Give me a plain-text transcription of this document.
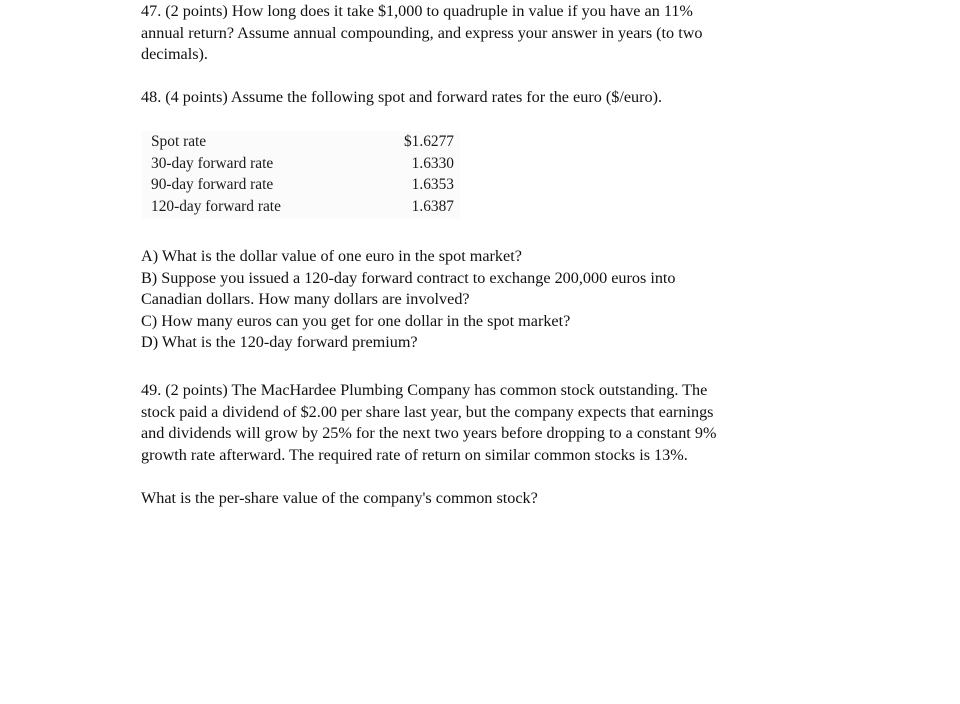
47. (2 points) How long does it take $1,000 to quadruple in value if you have an 11%
annual return? Assume annual compounding, and express your answer in years (to two
decimals).
48. (4 points) Assume the following spot and forward rates for the euro ($/euro).
Spot rate	$1.6277
30-day forward rate	1.6330
90-day forward rate	1.6353
120-day forward rate	1.6387
A) What is the dollar value of one euro in the spot market?
B) Suppose you issued a 120-day forward contract to exchange 200,000 euros into
Canadian dollars. How many dollars are involved?
C) How many euros can you get for one dollar in the spot market?
D) What is the 120-day forward premium?
49. (2 points) The MacHardee Plumbing Company has common stock outstanding. The
stock paid a dividend of $2.00 per share last year, but the company expects that earnings
and dividends will grow by 25% for the next two years before dropping to a constant 9%
growth rate afterward. The required rate of return on similar common stocks is 13%.
What is the per-share value of the company's common stock?
